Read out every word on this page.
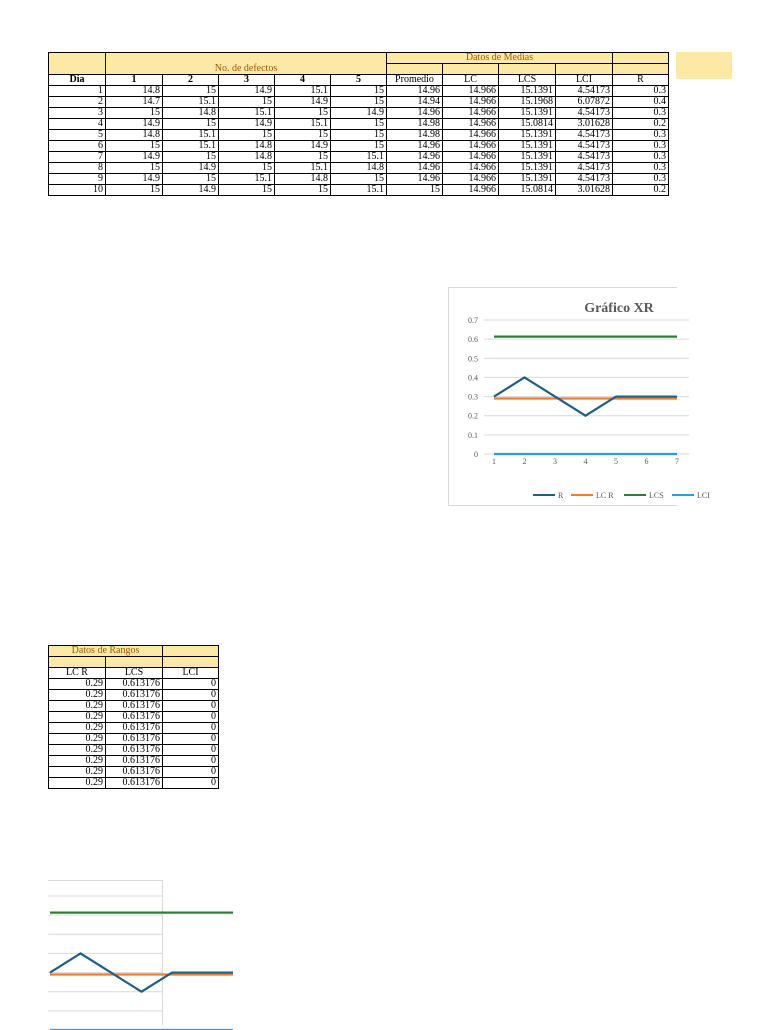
	No. de defectos					Datos de Medias				

Día	1	2	3	4	5	Promedio	LC	LCS	LCI	R
1	14.8	15	14.9	15.1	15	14.96	14.966	15.1391	4.54173	0.3
2	14.7	15.1	15	14.9	15	14.94	14.966	15.1968	6.07872	0.4
3	15	14.8	15.1	15	14.9	14.96	14.966	15.1391	4.54173	0.3
4	14.9	15	14.9	15.1	15	14.98	14.966	15.0814	3.01628	0.2
5	14.8	15.1	15	15	15	14.98	14.966	15.1391	4.54173	0.3
6	15	15.1	14.8	14.9	15	14.96	14.966	15.1391	4.54173	0.3
7	14.9	15	14.8	15	15.1	14.96	14.966	15.1391	4.54173	0.3
8	15	14.9	15	15.1	14.8	14.96	14.966	15.1391	4.54173	0.3
9	14.9	15	15.1	14.8	15	14.96	14.966	15.1391	4.54173	0.3
10	15	14.9	15	15	15.1	15	14.966	15.0814	3.01628	0.2
Datos de Rangos		

LC R	LCS	LCI
0.29	0.613176	0
0.29	0.613176	0
0.29	0.613176	0
0.29	0.613176	0
0.29	0.613176	0
0.29	0.613176	0
0.29	0.613176	0
0.29	0.613176	0
0.29	0.613176	0
0.29	0.613176	0
0
0.1
0.2
0.3
0.4
0.5
0.6
0.7
1	2	3	4	5	6	7
Gráfico XR
R	LC R	LCS	LCI
